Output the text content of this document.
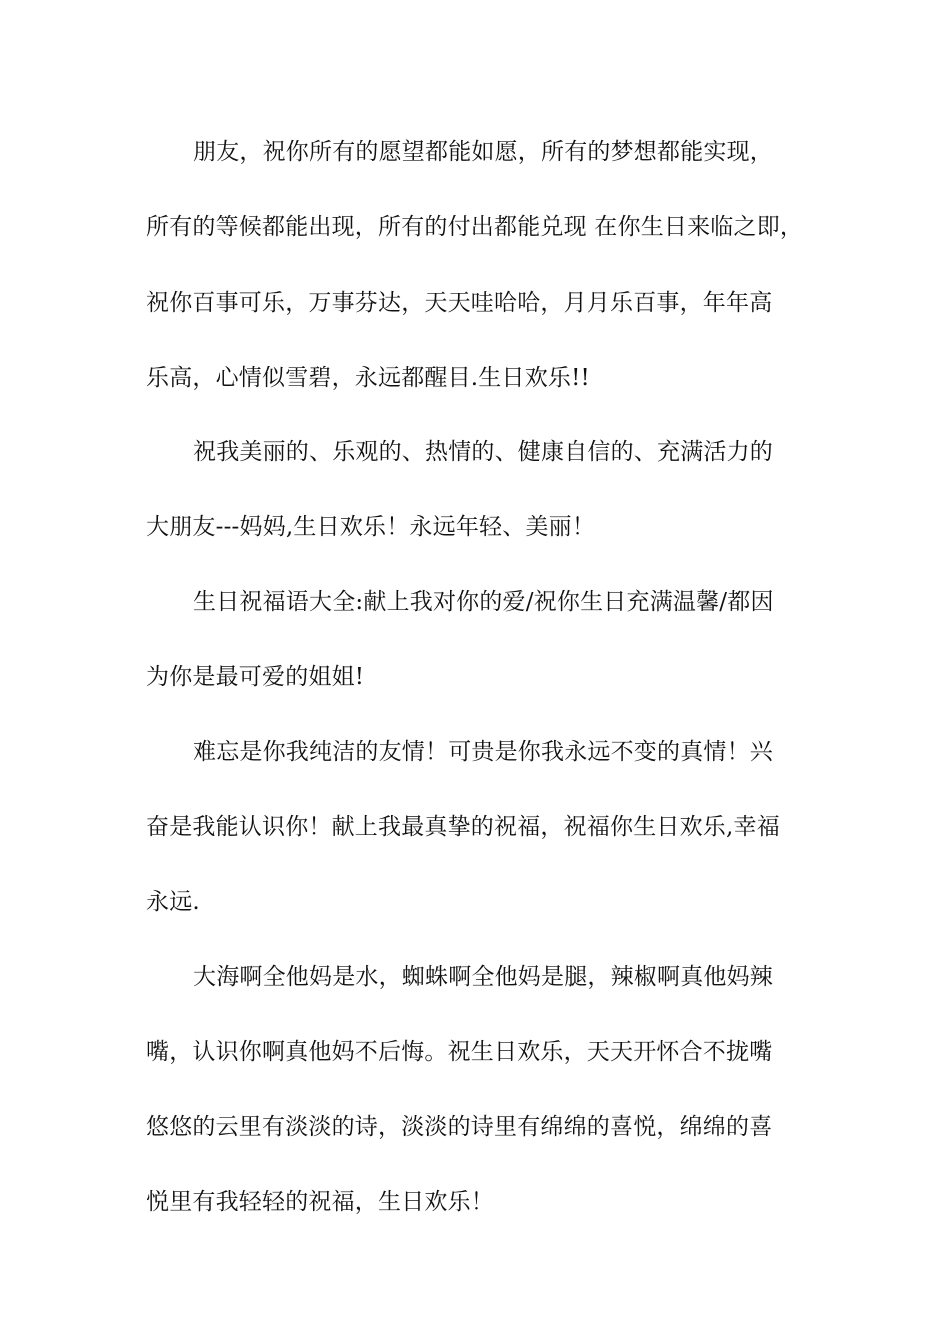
朋友，祝你所有的愿望都能如愿，所有的梦想都能实现，
所有的等候都能出现，所有的付出都能兑现 在你生日来临之即，
祝你百事可乐，万事芬达，天天哇哈哈，月月乐百事，年年高
乐高，心情似雪碧，永远都醒目.生日欢乐!!
祝我美丽的、乐观的、热情的、健康自信的、充满活力的
大朋友---妈妈,生日欢乐！永远年轻、美丽！
生日祝福语大全:献上我对你的爱/祝你生日充满温馨/都因
为你是最可爱的姐姐!
难忘是你我纯洁的友情！可贵是你我永远不变的真情！兴
奋是我能认识你！献上我最真挚的祝福，祝福你生日欢乐,幸福
永远.
大海啊全他妈是水，蜘蛛啊全他妈是腿，辣椒啊真他妈辣
嘴，认识你啊真他妈不后悔。祝生日欢乐，天天开怀合不拢嘴
悠悠的云里有淡淡的诗，淡淡的诗里有绵绵的喜悦，绵绵的喜
悦里有我轻轻的祝福，生日欢乐！
